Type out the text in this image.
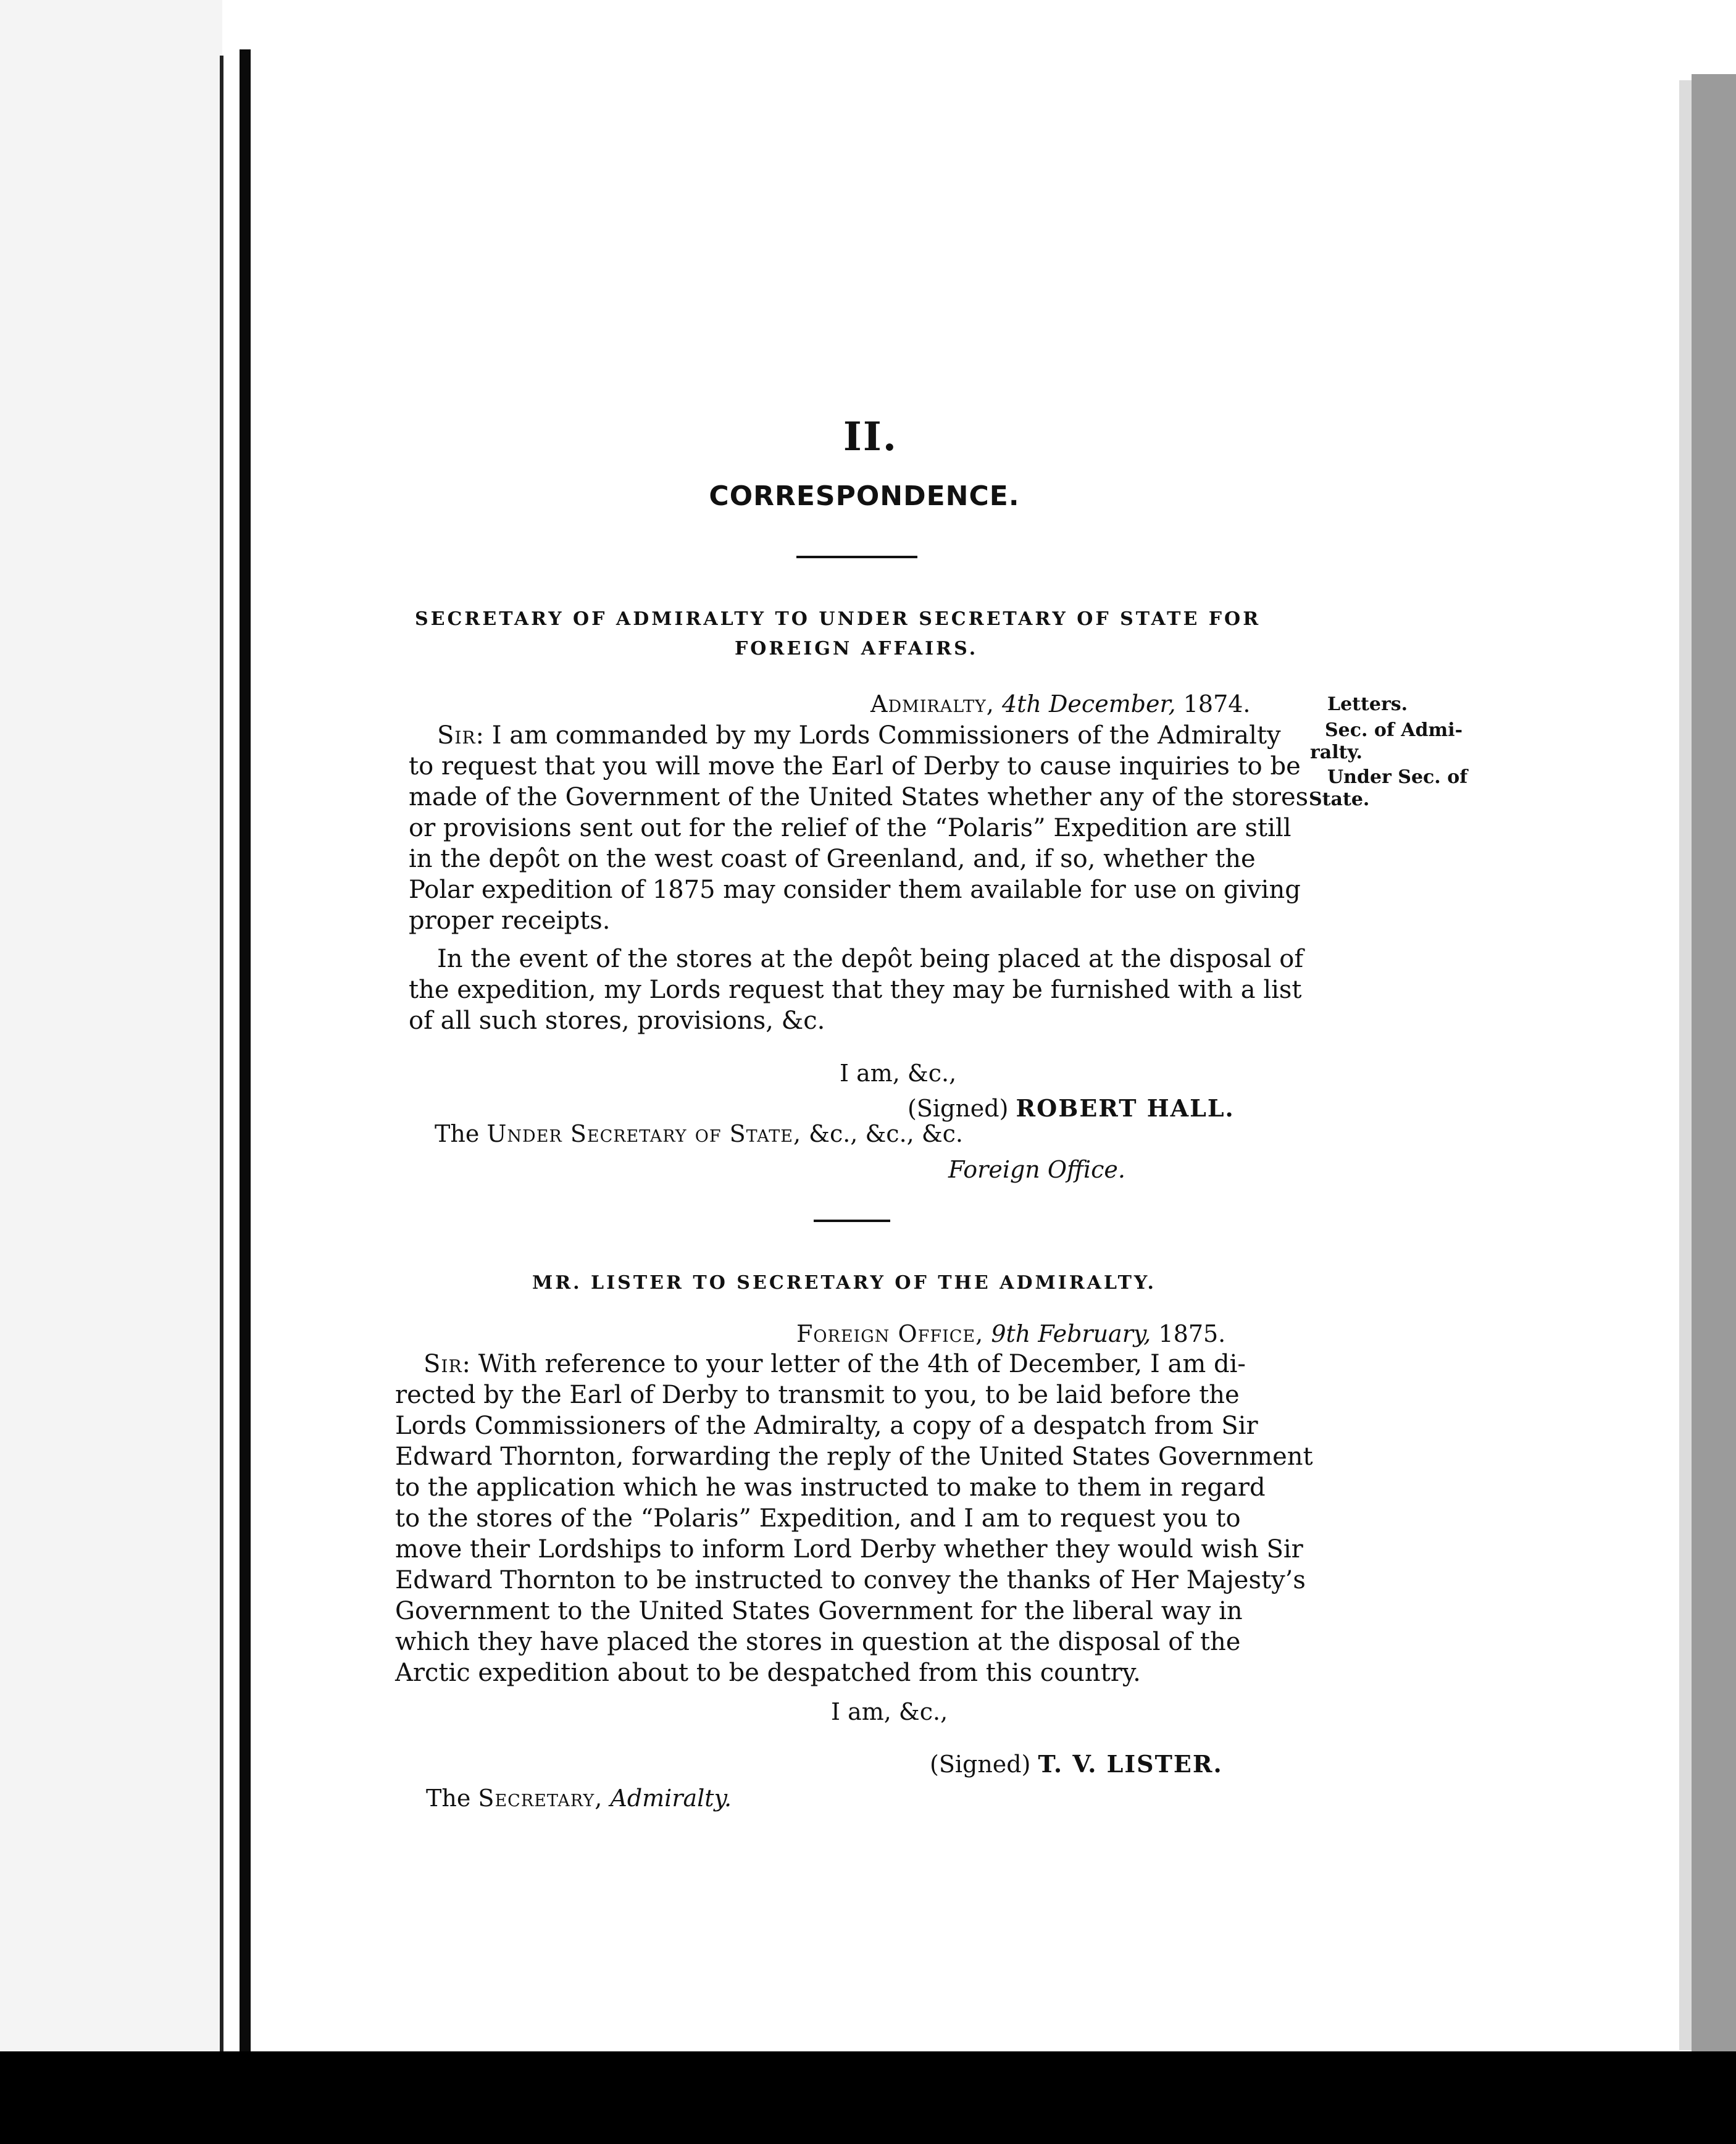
II.
CORRESPONDENCE.
SECRETARY OF ADMIRALTY TO UNDER SECRETARY OF STATE FOR
FOREIGN AFFAIRS.
Admiralty, 4th December, 1874.
Sir: I am commanded by my Lords Commissioners of the Admiralty
to request that you will move the Earl of Derby to cause inquiries to be
made of the Government of the United States whether any of the stores
or provisions sent out for the relief of the “Polaris” Expedition are still
in the depôt on the west coast of Greenland, and, if so, whether the
Polar expedition of 1875 may consider them available for use on giving
proper receipts.
In the event of the stores at the depôt being placed at the disposal of
the expedition, my Lords request that they may be furnished with a list
of all such stores, provisions, &c.
I am, &c.,
(Signed) ROBERT HALL.
The Under Secretary of State, &c., &c., &c.
Foreign Office.
Letters.
Sec. of Admi-
ralty.
Under Sec. of
State.
MR. LISTER TO SECRETARY OF THE ADMIRALTY.
Foreign Office, 9th February, 1875.
Sir: With reference to your letter of the 4th of December, I am di-
rected by the Earl of Derby to transmit to you, to be laid before the
Lords Commissioners of the Admiralty, a copy of a despatch from Sir
Edward Thornton, forwarding the reply of the United States Government
to the application which he was instructed to make to them in regard
to the stores of the “Polaris” Expedition, and I am to request you to
move their Lordships to inform Lord Derby whether they would wish Sir
Edward Thornton to be instructed to convey the thanks of Her Majesty’s
Government to the United States Government for the liberal way in
which they have placed the stores in question at the disposal of the
Arctic expedition about to be despatched from this country.
I am, &c.,
(Signed) T. V. LISTER.
The Secretary, Admiralty.
